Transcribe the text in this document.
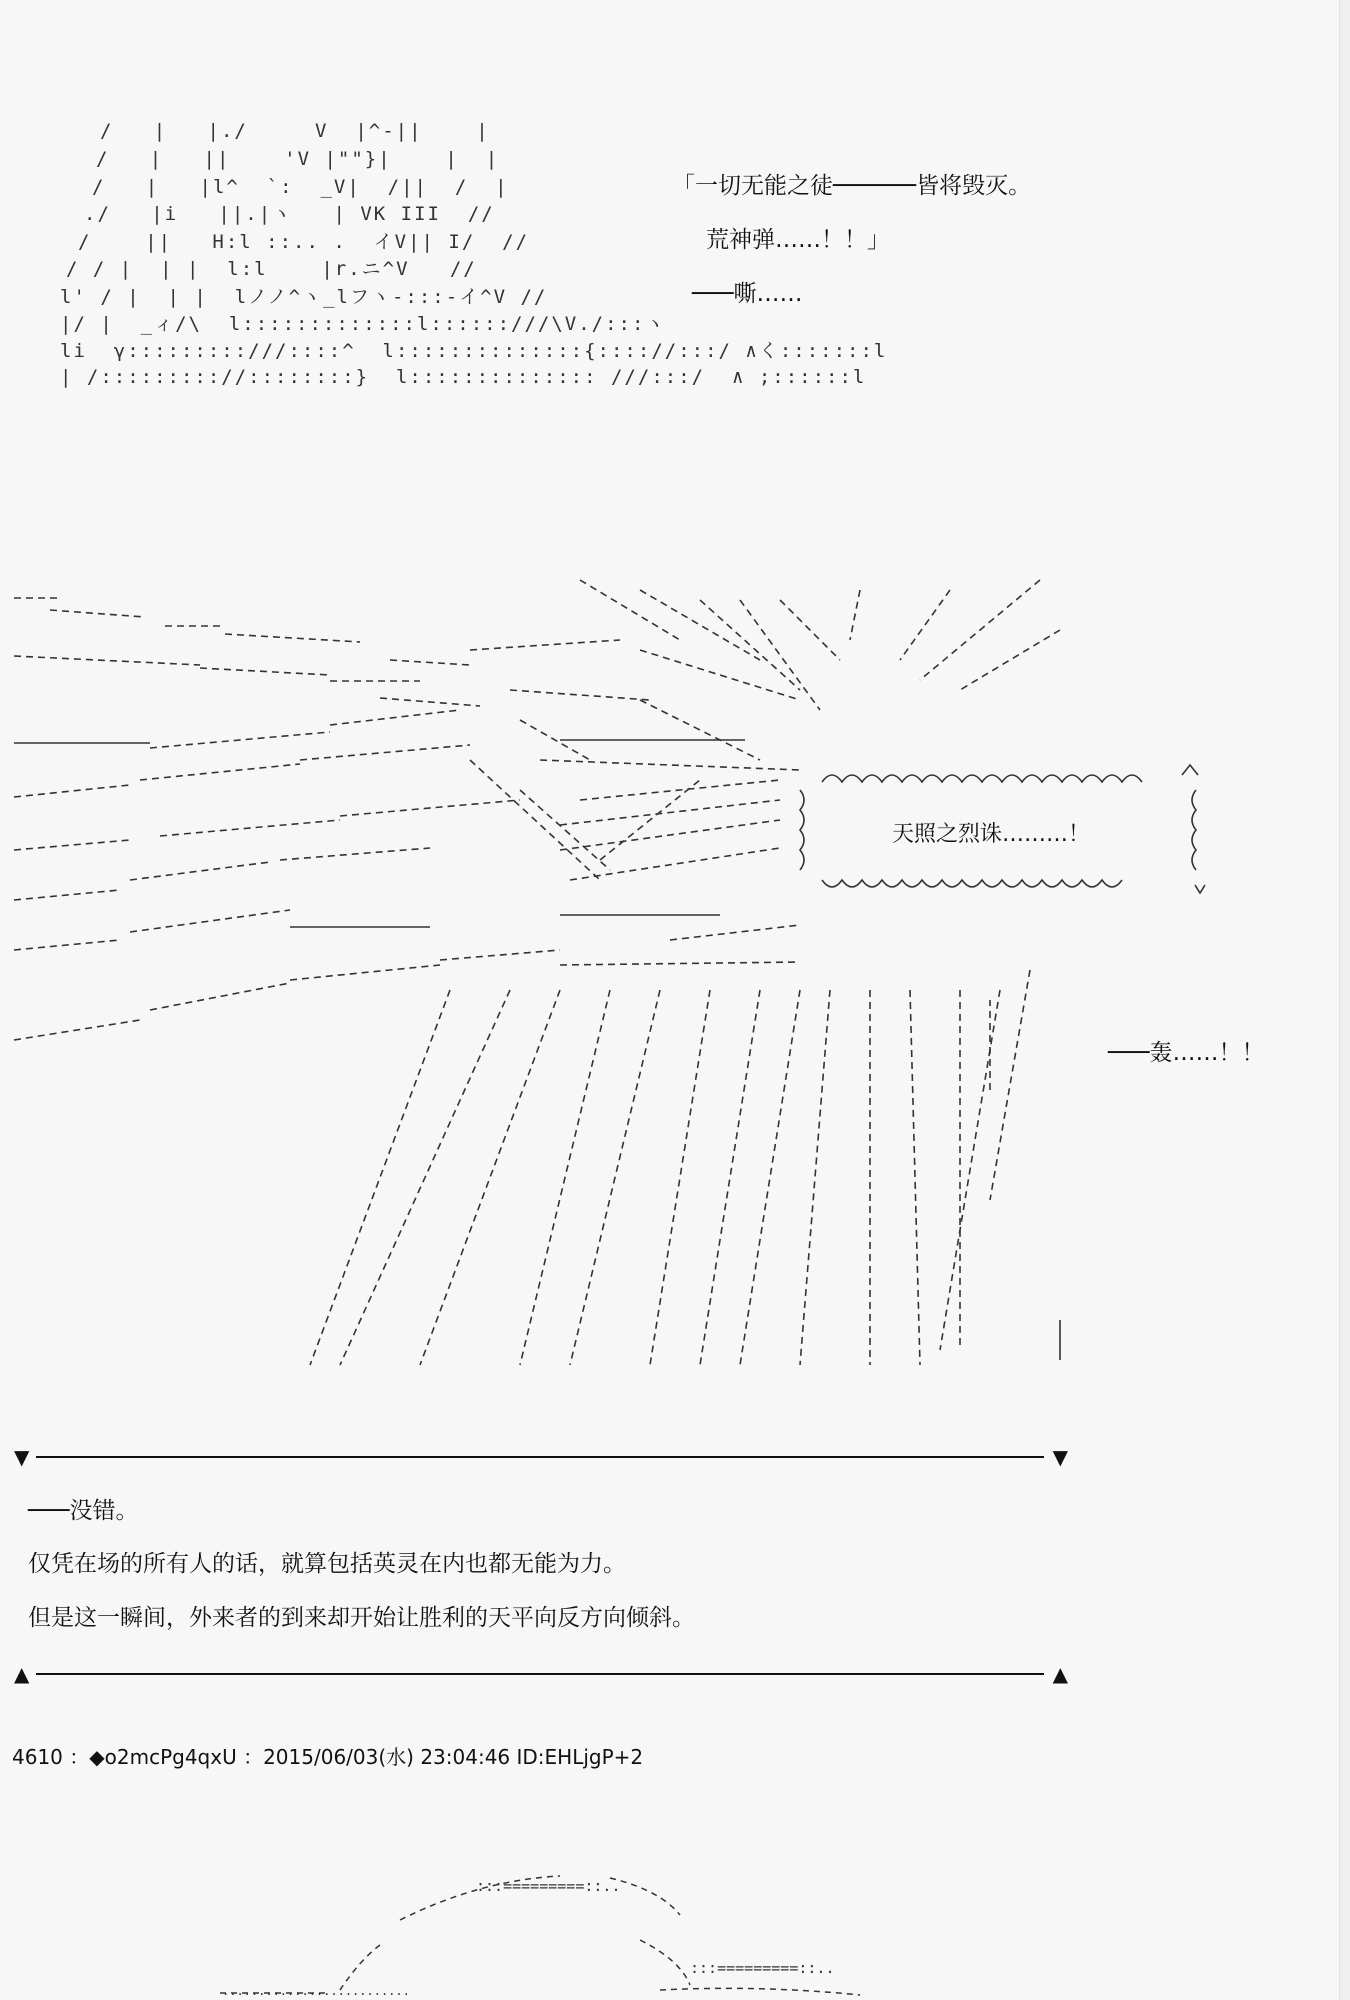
/   |   |./     V  |^-||    |
/   |   ||    'V |""}|    |  |
/   |   |l^  `:  _V|  /||  /  |
./   |i   ||.|ヽ   | VK III  //
/    ||   H:l ::.. .  イV|| I/  //
/ / |  | |  l:l    |r.ニ^V   //
l' / |  | |  lノノ^ヽ_lフヽ-:::-イ^V //
|/ |  _ィ/\  l:::::::::::::l::::::///\V./:::ヽ
li  γ:::::::::///::::^  l::::::::::::::{:::://:::/ ∧く:::::::l
| /::::::::://::::::::}  l:::::::::::::: ///:::/  ∧ ;::::::l
「一切无能之徒──────皆将毁灭。
荒神弹……！！」
───嘶……
天照之烈诛………！
───轰……！！
▼	▼
───没错。
仅凭在场的所有人的话，就算包括英灵在内也都无能为力。
但是这一瞬间，外来者的到来却开始让胜利的天平向反方向倾斜。
▲	▲
4610 ：◆o2mcPg4qxU ：2015/06/03(水) 23:04:46 ID:EHLjgP+2
:::=========::..
:::=========::..
..........................
